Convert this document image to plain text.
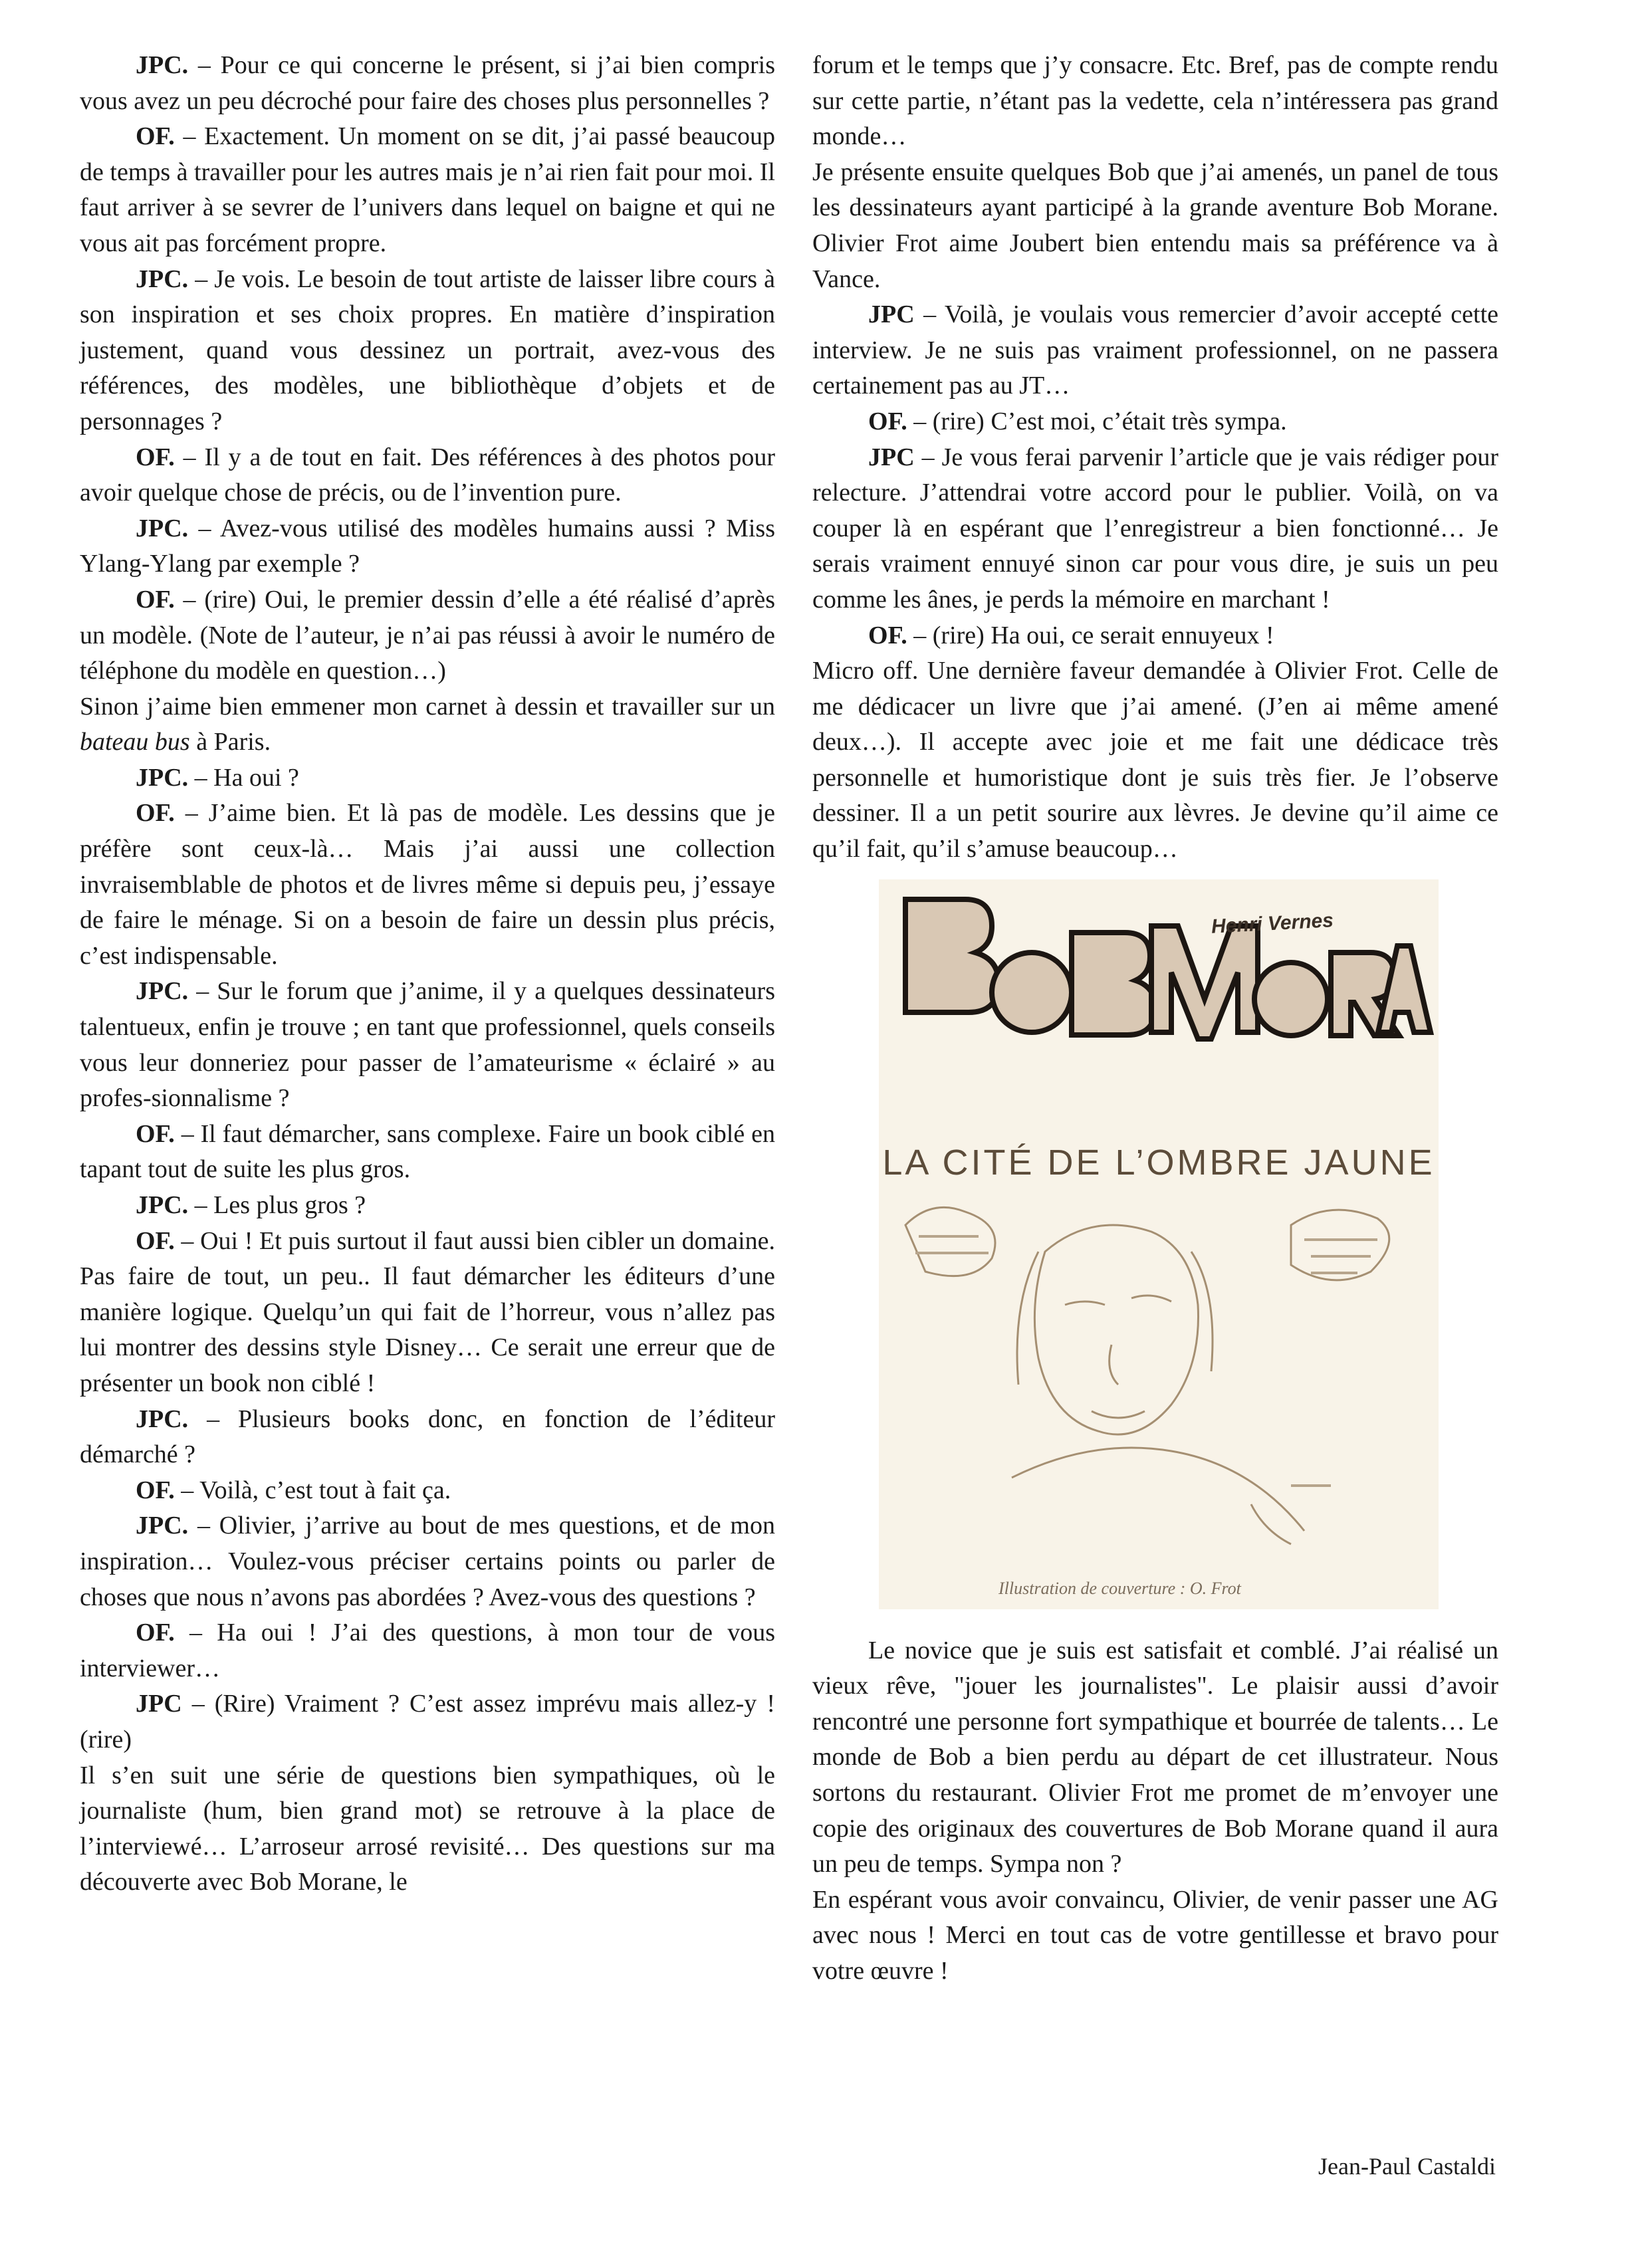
JPC. – Pour ce qui concerne le présent, si j’ai bien compris vous avez un peu décroché pour faire des choses plus personnelles ?

OF. – Exactement. Un moment on se dit, j’ai passé beaucoup de temps à travailler pour les autres mais je n’ai rien fait pour moi. Il faut arriver à se sevrer de l’univers dans lequel on baigne et qui ne vous ait pas forcément propre.

JPC. – Je vois. Le besoin de tout artiste de laisser libre cours à son inspiration et ses choix propres. En matière d’inspiration justement, quand vous dessinez un portrait, avez-vous des références, des modèles, une bibliothèque d’objets et de personnages ?

OF. – Il y a de tout en fait. Des références à des photos pour avoir quelque chose de précis, ou de l’invention pure.

JPC. – Avez-vous utilisé des modèles humains aussi ? Miss Ylang-Ylang par exemple ?

OF. – (rire) Oui, le premier dessin d’elle a été réalisé d’après un modèle. (Note de l’auteur, je n’ai pas réussi à avoir le numéro de téléphone du modèle en question…)

Sinon j’aime bien emmener mon carnet à dessin et travailler sur un bateau bus à Paris.

JPC. – Ha oui ?

OF. – J’aime bien. Et là pas de modèle. Les dessins que je préfère sont ceux-là… Mais j’ai aussi une collection invraisemblable de photos et de livres même si depuis peu, j’essaye de faire le ménage. Si on a besoin de faire un dessin plus précis, c’est indispensable.

JPC. – Sur le forum que j’anime, il y a quelques dessinateurs talentueux, enfin je trouve ; en tant que professionnel, quels conseils vous leur donneriez pour passer de l’amateurisme « éclairé » au profes-sionnalisme ?

OF. – Il faut démarcher, sans complexe. Faire un book ciblé en tapant tout de suite les plus gros.

JPC. – Les plus gros ?

OF. – Oui ! Et puis surtout il faut aussi bien cibler un domaine. Pas faire de tout, un peu.. Il faut démarcher les éditeurs d’une manière logique. Quelqu’un qui fait de l’horreur, vous n’allez pas lui montrer des dessins style Disney… Ce serait une erreur que de présenter un book non ciblé !

JPC. – Plusieurs books donc, en fonction de l’éditeur démarché ?

OF. – Voilà, c’est tout à fait ça.

JPC. – Olivier, j’arrive au bout de mes questions, et de mon inspiration… Voulez-vous préciser certains points ou parler de choses que nous n’avons pas abordées ? Avez-vous des questions ?

OF. – Ha oui ! J’ai des questions, à mon tour de vous interviewer…

JPC – (Rire) Vraiment ? C’est assez imprévu mais allez-y ! (rire)

Il s’en suit une série de questions bien sympathiques, où le journaliste (hum, bien grand mot) se retrouve à la place de l’interviewé… L’arroseur arrosé revisité… Des questions sur ma découverte avec Bob Morane, le

forum et le temps que j’y consacre. Etc. Bref, pas de compte rendu sur cette partie, n’étant pas la vedette, cela n’intéressera pas grand monde…

Je présente ensuite quelques Bob que j’ai amenés, un panel de tous les dessinateurs ayant participé à la grande aventure Bob Morane. Olivier Frot aime Joubert bien entendu mais sa préférence va à Vance.

JPC – Voilà, je voulais vous remercier d’avoir accepté cette interview. Je ne suis pas vraiment professionnel, on ne passera certainement pas au JT…

OF. – (rire) C’est moi, c’était très sympa.

JPC – Je vous ferai parvenir l’article que je vais rédiger pour relecture. J’attendrai votre accord pour le publier. Voilà, on va couper là en espérant que l’enregistreur a bien fonctionné… Je serais vraiment ennuyé sinon car pour vous dire, je suis un peu comme les ânes, je perds la mémoire en marchant !

OF. – (rire) Ha oui, ce serait ennuyeux !

Micro off. Une dernière faveur demandée à Olivier Frot. Celle de me dédicacer un livre que j’ai amené. (J’en ai même amené deux…). Il accepte avec joie et me fait une dédicace très personnelle et humoristique dont je suis très fier. Je l’observe dessiner. Il a un petit sourire aux lèvres. Je devine qu’il aime ce qu’il fait, qu’il s’amuse beaucoup…

Henri Vernes
LA CITÉ DE L’OMBRE JAUNE
Illustration de couverture : O. Frot

Le novice que je suis est satisfait et comblé. J’ai réalisé un vieux rêve, "jouer les journalistes". Le plaisir aussi d’avoir rencontré une personne fort sympathique et bourrée de talents… Le monde de Bob a bien perdu au départ de cet illustrateur. Nous sortons du restaurant. Olivier Frot me promet de m’envoyer une copie des originaux des couvertures de Bob Morane quand il aura un peu de temps. Sympa non ?

En espérant vous avoir convaincu, Olivier, de venir passer une AG avec nous ! Merci en tout cas de votre gentillesse et bravo pour votre œuvre !

Jean-Paul Castaldi
